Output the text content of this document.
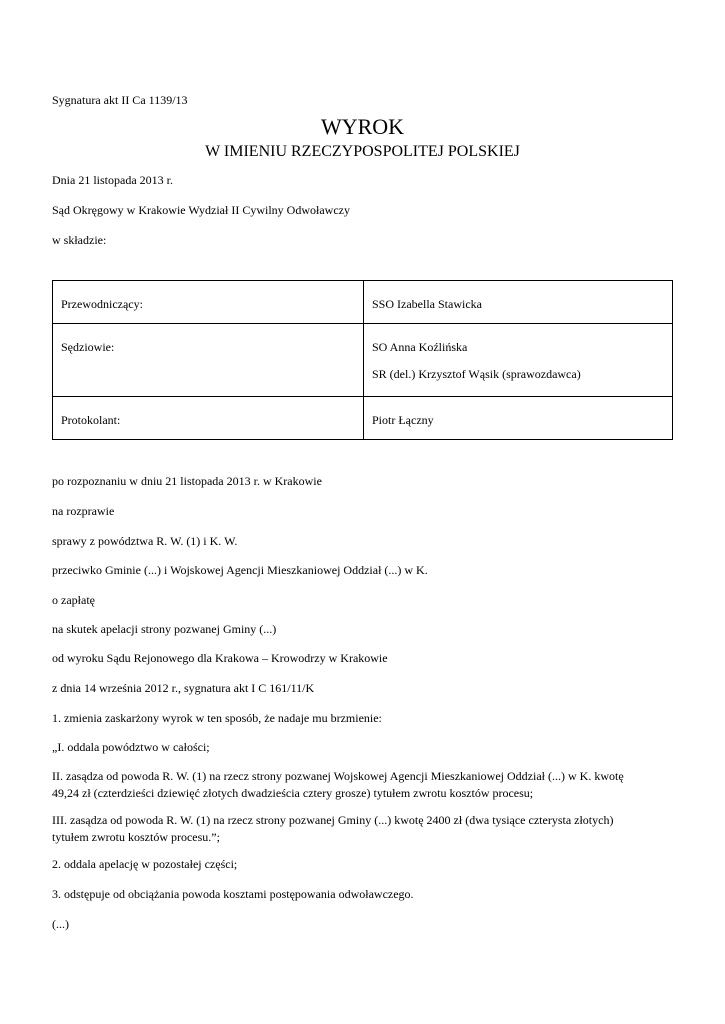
Sygnatura akt II Ca 1139/13
WYROK
W IMIENIU RZECZYPOSPOLITEJ POLSKIEJ
Dnia 21 listopada 2013 r.
Sąd Okręgowy w Krakowie Wydział II Cywilny Odwoławczy
w składzie:
Przewodniczący:	SSO Izabella Stawicka

Sędziowie:	SO Anna Koźlińska
SR (del.) Krzysztof Wąsik (sprawozdawca)

Protokolant:	Piotr Łączny
po rozpoznaniu w dniu 21 listopada 2013 r. w Krakowie
na rozprawie
sprawy z powództwa R. W. (1) i K. W.
przeciwko Gminie (...) i Wojskowej Agencji Mieszkaniowej Oddział (...) w K.
o zapłatę
na skutek apelacji strony pozwanej Gminy (...)
od wyroku Sądu Rejonowego dla Krakowa – Krowodrzy w Krakowie
z dnia 14 września 2012 r., sygnatura akt I C 161/11/K
1. zmienia zaskarżony wyrok w ten sposób, że nadaje mu brzmienie:
„I. oddala powództwo w całości;
II. zasądza od powoda R. W. (1) na rzecz strony pozwanej Wojskowej Agencji Mieszkaniowej Oddział (...) w K. kwotę
49,24 zł (czterdzieści dziewięć złotych dwadzieścia cztery grosze) tytułem zwrotu kosztów procesu;
III. zasądza od powoda R. W. (1) na rzecz strony pozwanej Gminy (...) kwotę 2400 zł (dwa tysiące czterysta złotych)
tytułem zwrotu kosztów procesu.”;
2. oddala apelację w pozostałej części;
3. odstępuje od obciążania powoda kosztami postępowania odwoławczego.
(...)
